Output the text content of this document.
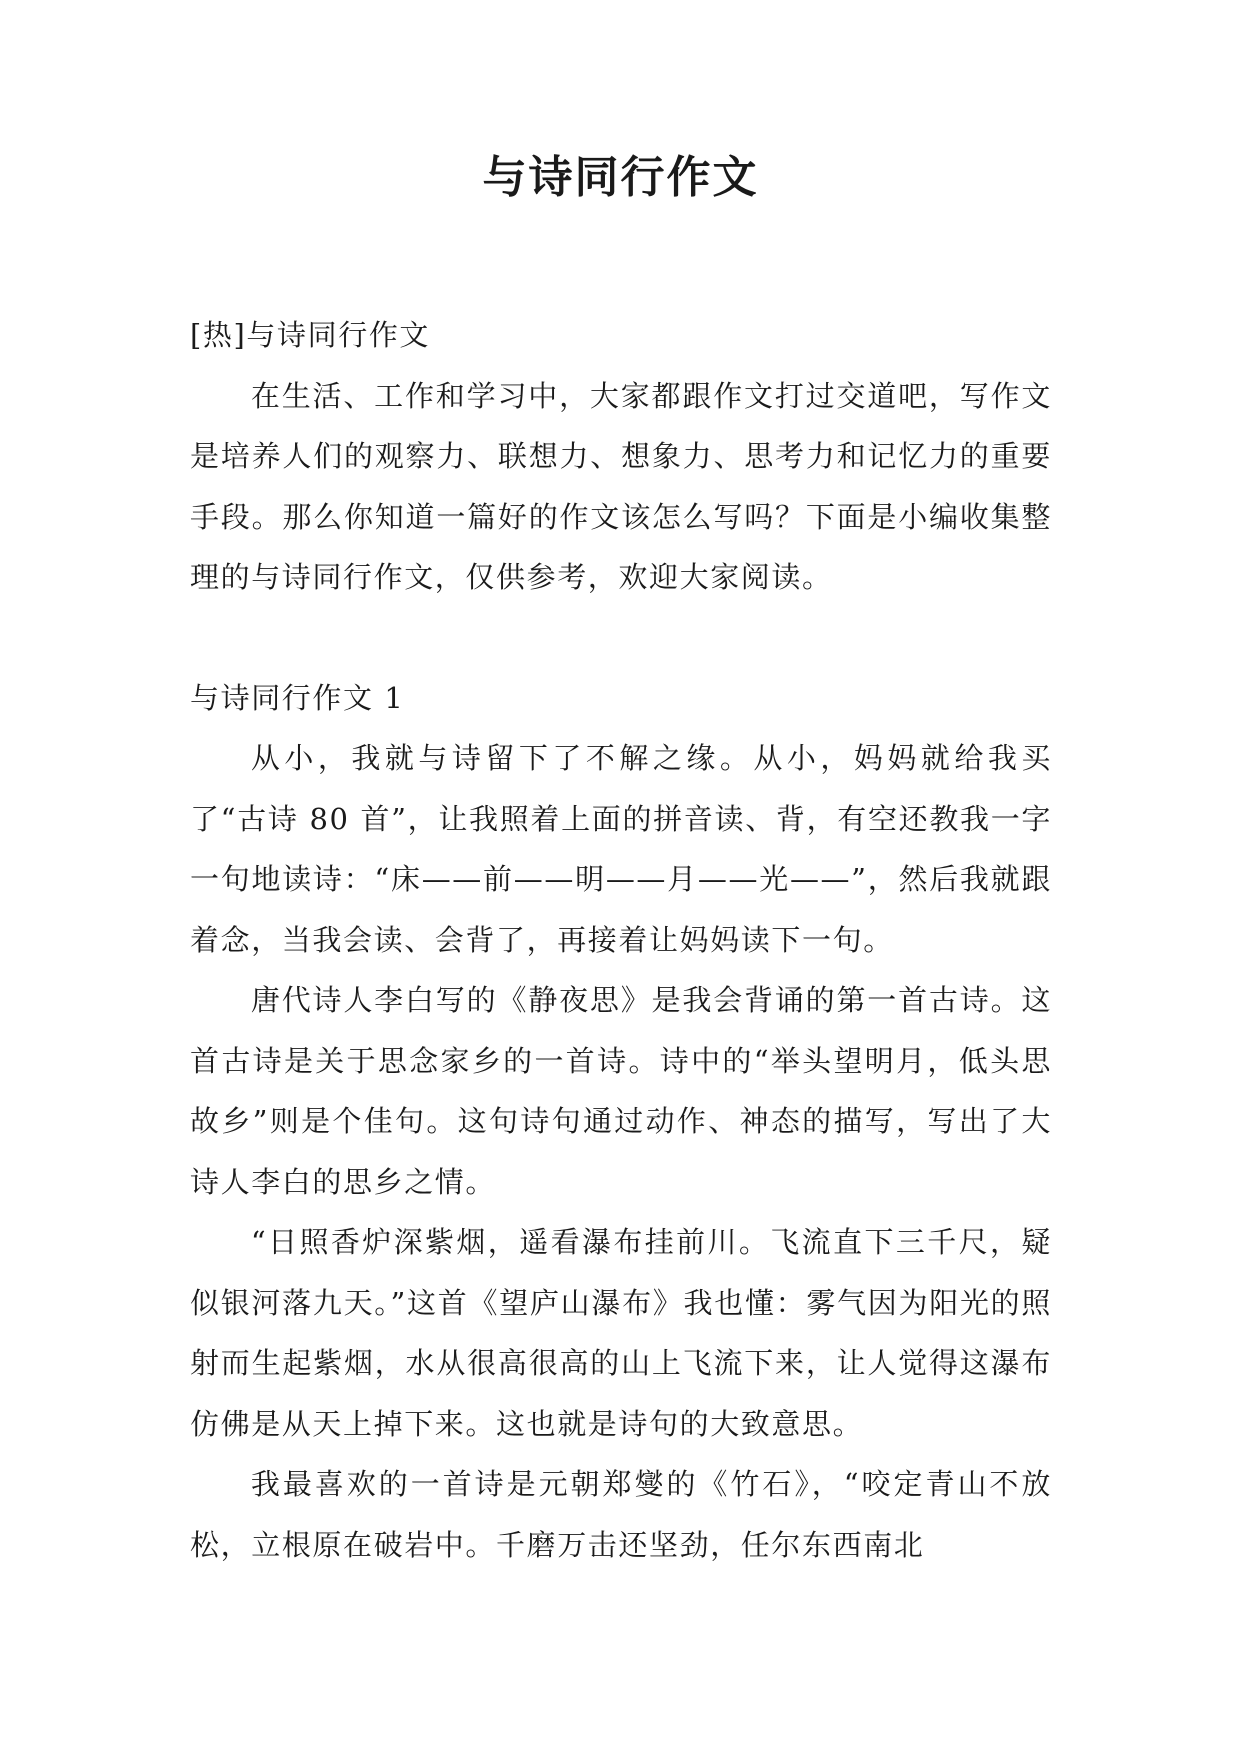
与诗同行作文

[热]与诗同行作文

在生活、工作和学习中，大家都跟作文打过交道吧，写作文是培养人们的观察力、联想力、想象力、思考力和记忆力的重要手段。那么你知道一篇好的作文该怎么写吗？下面是小编收集整理的与诗同行作文，仅供参考，欢迎大家阅读。

与诗同行作文 1

从小，我就与诗留下了不解之缘。从小，妈妈就给我买了“古诗 80 首”，让我照着上面的拼音读、背，有空还教我一字一句地读诗：“床——前——明——月——光——”，然后我就跟着念，当我会读、会背了，再接着让妈妈读下一句。

唐代诗人李白写的《静夜思》是我会背诵的第一首古诗。这首古诗是关于思念家乡的一首诗。诗中的“举头望明月，低头思故乡”则是个佳句。这句诗句通过动作、神态的描写，写出了大诗人李白的思乡之情。

“日照香炉深紫烟，遥看瀑布挂前川。飞流直下三千尺，疑似银河落九天。”这首《望庐山瀑布》我也懂：雾气因为阳光的照射而生起紫烟，水从很高很高的山上飞流下来，让人觉得这瀑布仿佛是从天上掉下来。这也就是诗句的大致意思。

我最喜欢的一首诗是元朝郑燮的《竹石》，“咬定青山不放松，立根原在破岩中。千磨万击还坚劲，任尔东西南北
